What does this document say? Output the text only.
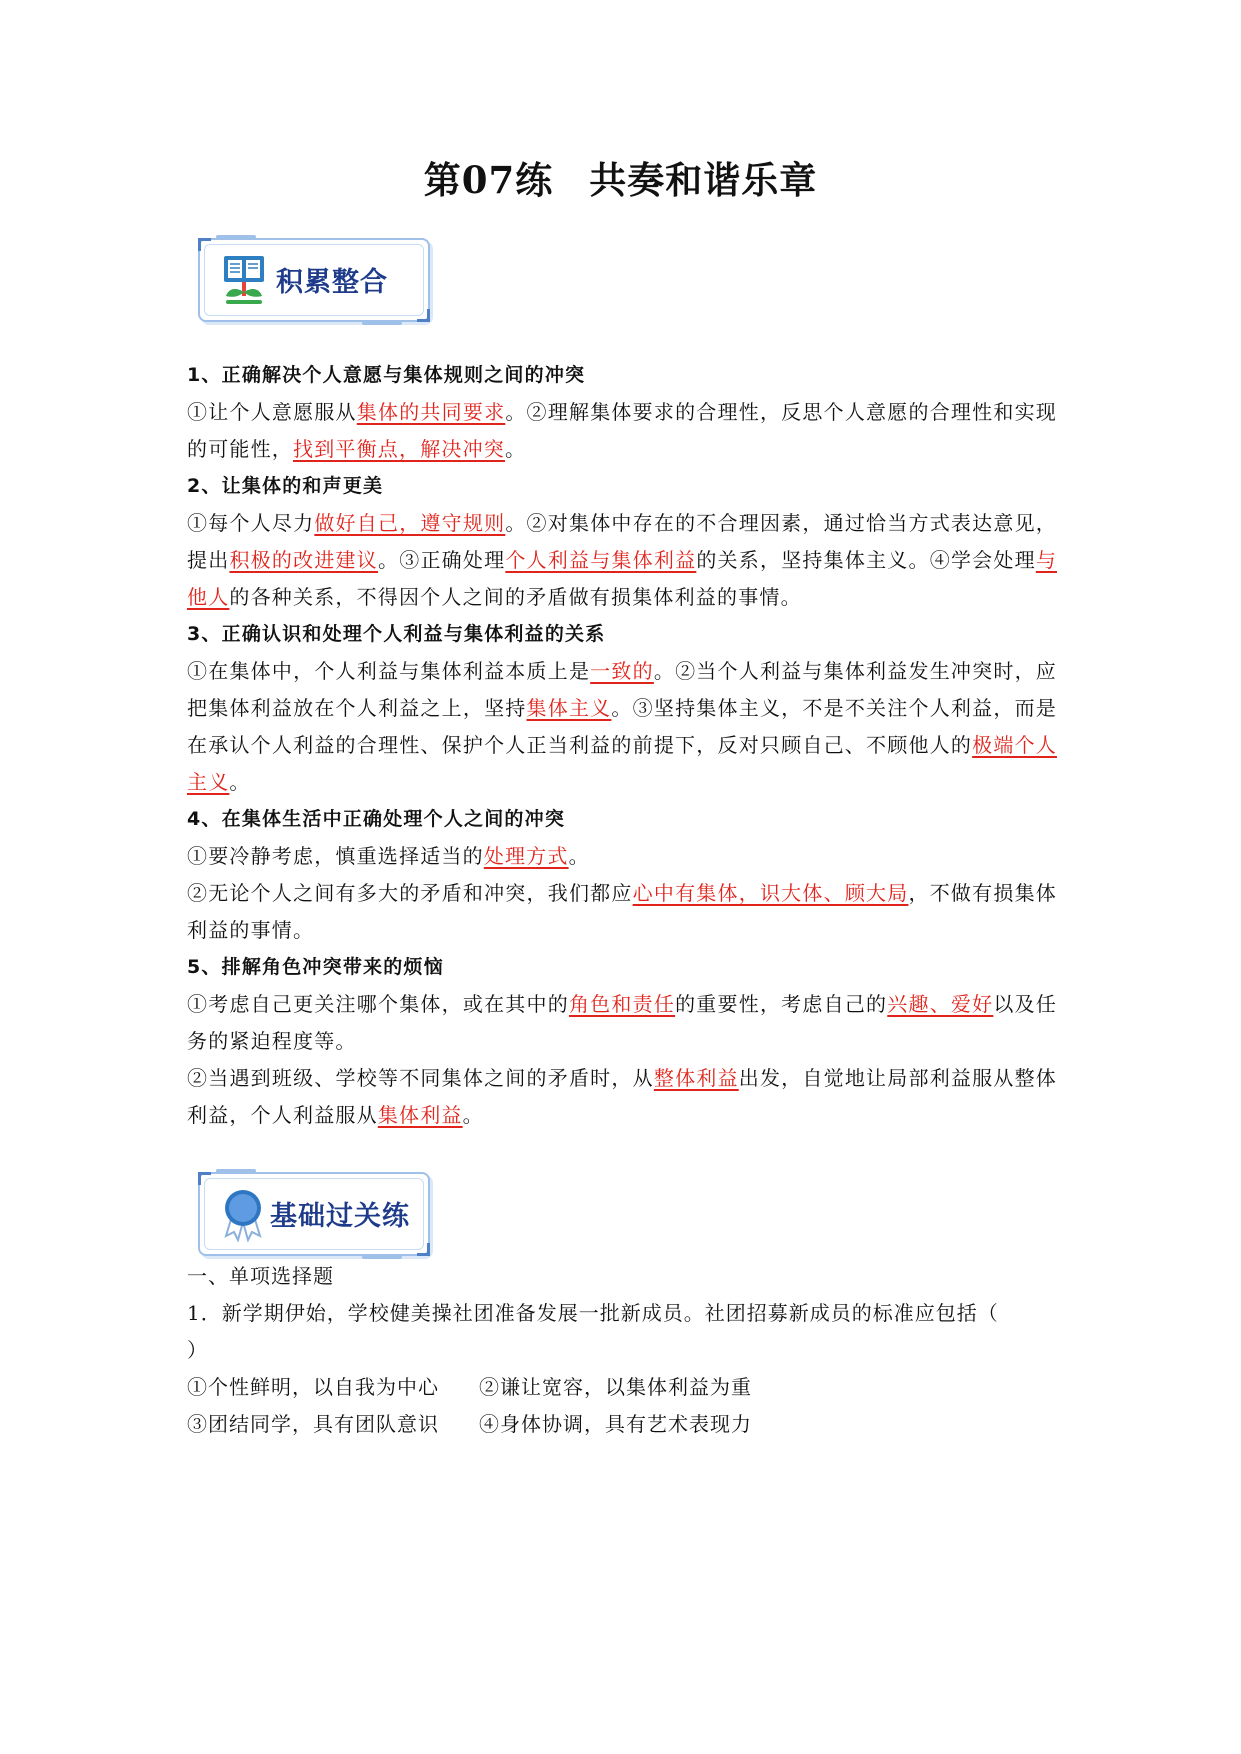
第07练 共奏和谐乐章
积累整合

1、正确解决个人意愿与集体规则之间的冲突

①让个人意愿服从集体的共同要求。②理解集体要求的合理性，反思个人意愿的合理性和实现的可能性，找到平衡点，解决冲突。

2、让集体的和声更美

①每个人尽力做好自己，遵守规则。②对集体中存在的不合理因素，通过恰当方式表达意见，提出积极的改进建议。③正确处理个人利益与集体利益的关系，坚持集体主义。④学会处理与他人的各种关系，不得因个人之间的矛盾做有损集体利益的事情。

3、正确认识和处理个人利益与集体利益的关系

①在集体中，个人利益与集体利益本质上是一致的。②当个人利益与集体利益发生冲突时，应把集体利益放在个人利益之上，坚持集体主义。③坚持集体主义，不是不关注个人利益，而是在承认个人利益的合理性、保护个人正当利益的前提下，反对只顾自己、不顾他人的极端个人主义。

4、在集体生活中正确处理个人之间的冲突

①要冷静考虑，慎重选择适当的处理方式。

②无论个人之间有多大的矛盾和冲突，我们都应心中有集体，识大体、顾大局，不做有损集体利益的事情。

5、排解角色冲突带来的烦恼

①考虑自己更关注哪个集体，或在其中的角色和责任的重要性，考虑自己的兴趣、爱好以及任务的紧迫程度等。

②当遇到班级、学校等不同集体之间的矛盾时，从整体利益出发，自觉地让局部利益服从整体利益，个人利益服从集体利益。

基础过关练

一、单项选择题

1．新学期伊始，学校健美操社团准备发展一批新成员。社团招募新成员的标准应包括（

）

①个性鲜明，以自我为中心 ②谦让宽容，以集体利益为重

③团结同学，具有团队意识 ④身体协调，具有艺术表现力
